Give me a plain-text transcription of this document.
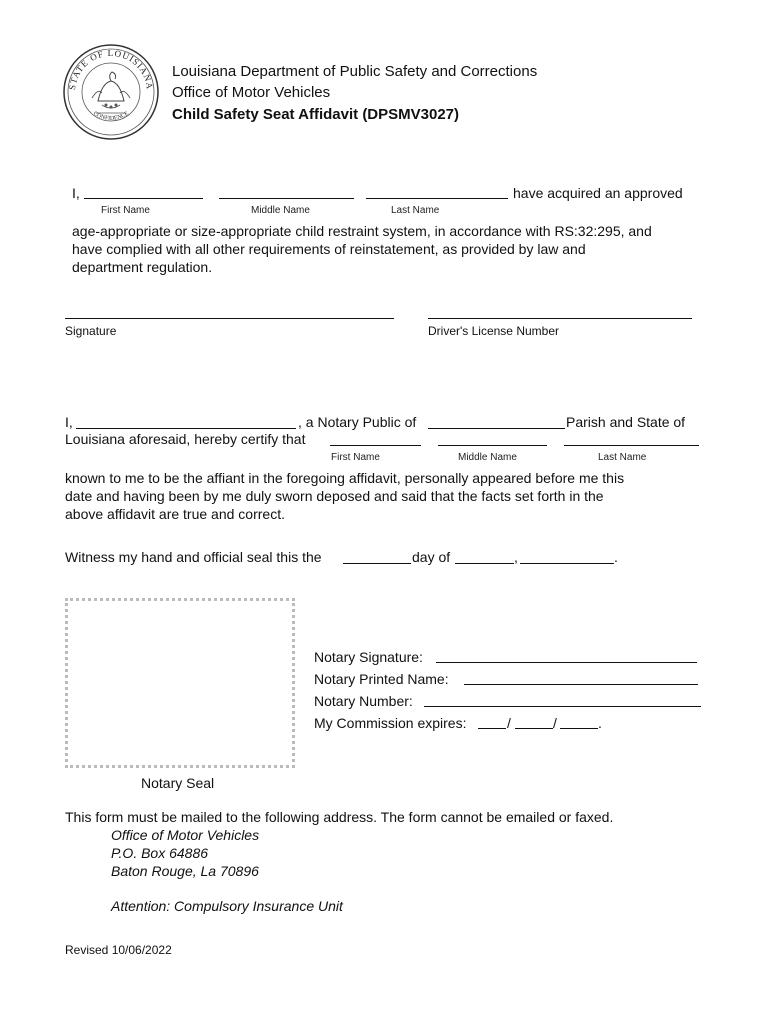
STATE OF LOUISIANA
CONFIDENCE
Louisiana Department of Public Safety and Corrections
Office of Motor Vehicles
Child Safety Seat Affidavit (DPSMV3027)
I,	have acquired an approved
First Name	Middle Name	Last Name
age-appropriate or size-appropriate child restraint system, in accordance with RS:32:295, and
have complied with all other requirements of reinstatement, as provided by law and
department regulation.
Signature	Driver's License Number
I,	, a Notary Public of	Parish and State of
Louisiana aforesaid, hereby certify that
First Name	Middle Name	Last Name
known to me to be the affiant in the foregoing affidavit, personally appeared before me this
date and having been by me duly sworn deposed and said that the facts set forth in the
above affidavit are true and correct.
Witness my hand and official seal this the	day of	,	.
Notary Seal
Notary Signature:
Notary Printed Name:
Notary Number:
My Commission expires:	/	/	.
This form must be mailed to the following address. The form cannot be emailed or faxed.
Office of Motor Vehicles
P.O. Box 64886
Baton Rouge, La 70896
Attention: Compulsory Insurance Unit
Revised 10/06/2022
